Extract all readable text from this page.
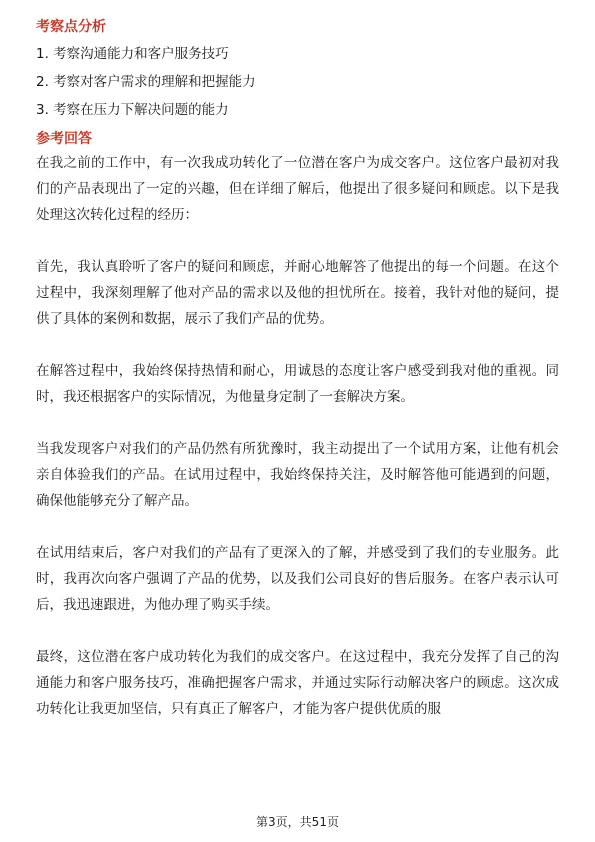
考察点分析
1. 考察沟通能力和客户服务技巧
2. 考察对客户需求的理解和把握能力
3. 考察在压力下解决问题的能力
参考回答

在我之前的工作中，有一次我成功转化了一位潜在客户为成交客户。这位客户最初对我们的产品表现出了一定的兴趣，但在详细了解后，他提出了很多疑问和顾虑。以下是我处理这次转化过程的经历：

首先，我认真聆听了客户的疑问和顾虑，并耐心地解答了他提出的每一个问题。在这个过程中，我深刻理解了他对产品的需求以及他的担忧所在。接着，我针对他的疑问，提供了具体的案例和数据，展示了我们产品的优势。

在解答过程中，我始终保持热情和耐心，用诚恳的态度让客户感受到我对他的重视。同时，我还根据客户的实际情况，为他量身定制了一套解决方案。

当我发现客户对我们的产品仍然有所犹豫时，我主动提出了一个试用方案，让他有机会亲自体验我们的产品。在试用过程中，我始终保持关注，及时解答他可能遇到的问题，确保他能够充分了解产品。

在试用结束后，客户对我们的产品有了更深入的了解，并感受到了我们的专业服务。此时，我再次向客户强调了产品的优势，以及我们公司良好的售后服务。在客户表示认可后，我迅速跟进，为他办理了购买手续。

最终，这位潜在客户成功转化为我们的成交客户。在这过程中，我充分发挥了自己的沟通能力和客户服务技巧，准确把握客户需求，并通过实际行动解决客户的顾虑。这次成功转化让我更加坚信，只有真正了解客户，才能为客户提供优质的服

第3页，共51页
